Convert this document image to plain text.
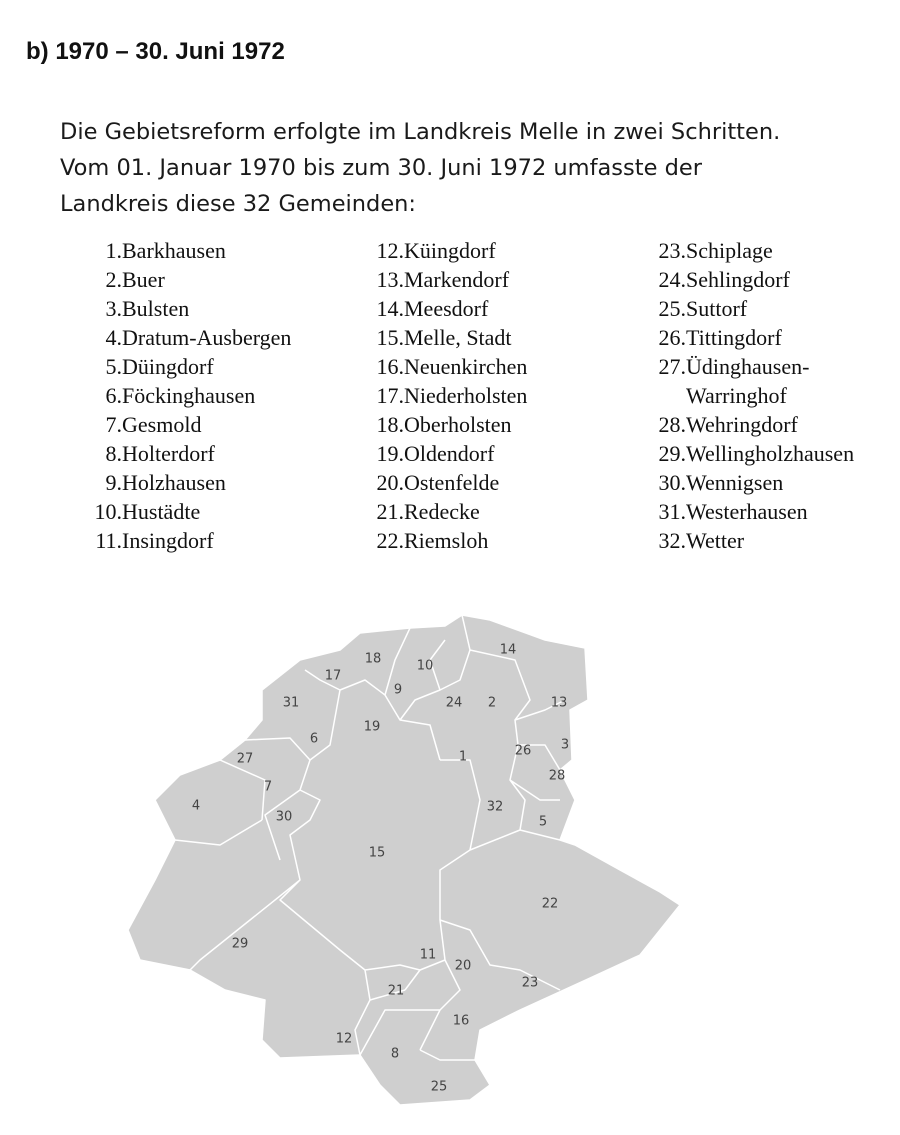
b) 1970 – 30. Juni 1972
Die Gebietsreform erfolgte im Landkreis Melle in zwei Schritten.
Vom 01. Januar 1970 bis zum 30. Juni 1972 umfasste der
Landkreis diese 32 Gemeinden:
1.Barkhausen
2.Buer
3.Bulsten
4.Dratum-Ausbergen
5.Düingdorf
6.Föckinghausen
7.Gesmold
8.Holterdorf
9.Holzhausen
10.Hustädte
11.Insingdorf
12.Küingdorf
13.Markendorf
14.Meesdorf
15.Melle, Stadt
16.Neuenkirchen
17.Niederholsten
18.Oberholsten
19.Oldendorf
20.Ostenfelde
21.Redecke
22.Riemsloh
23.Schiplage
24.Sehlingdorf
25.Suttorf
26.Tittingdorf
27.Üdinghausen-
Warringhof
28.Wehringdorf
29.Wellingholzhausen
30.Wennigsen
31.Westerhausen
32.Wetter
1
2
3
4
5
6
7
8
9
10
11
12
13
14
15
16
17
18
19
20
21
22
23
24
25
26
27
28
29
30
31
32
